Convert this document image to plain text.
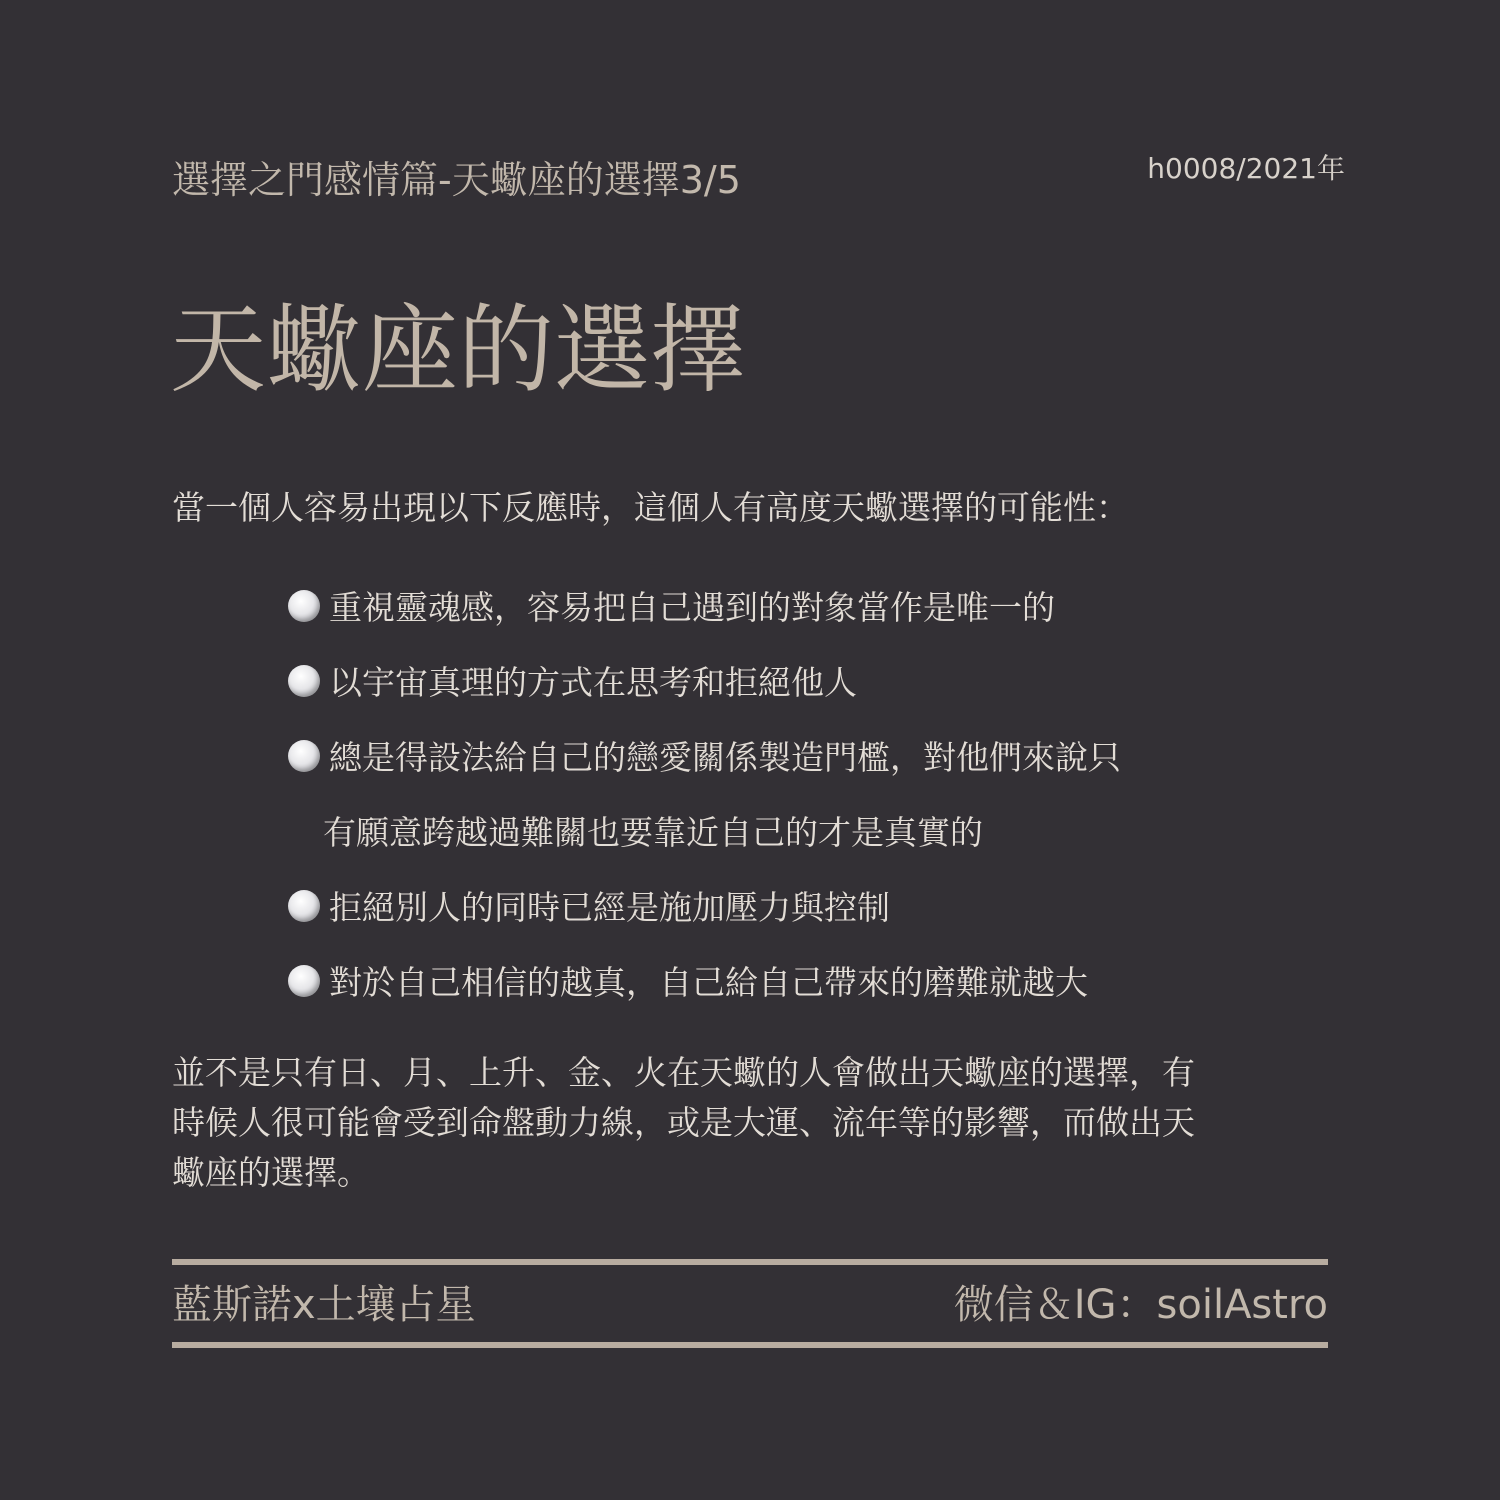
選擇之門感情篇-天蠍座的選擇3/5	h0008/2021年
天蠍座的選擇
當一個人容易出現以下反應時，這個人有高度天蠍選擇的可能性：
重視靈魂感，容易把自己遇到的對象當作是唯一的
以宇宙真理的方式在思考和拒絕他人
總是得設法給自己的戀愛關係製造門檻，對他們來說只
有願意跨越過難關也要靠近自己的才是真實的
拒絕別人的同時已經是施加壓力與控制
對於自己相信的越真，自己給自己帶來的磨難就越大

並不是只有日、月、上升、金、火在天蠍的人會做出天蠍座的選擇，有

時候人很可能會受到命盤動力線，或是大運、流年等的影響，而做出天

蠍座的選擇。

藍斯諾x土壤占星	微信＆IG：soilAstro
